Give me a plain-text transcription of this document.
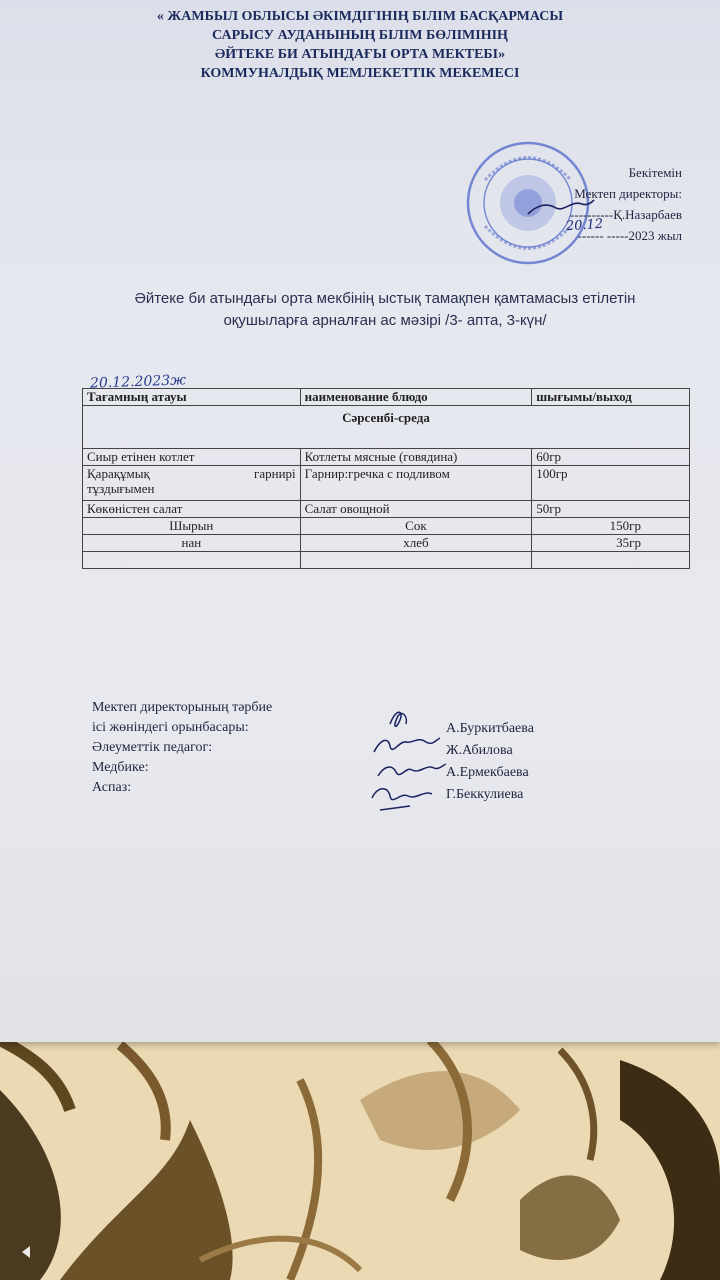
« ЖАМБЫЛ ОБЛЫСЫ ӘКІМДІГІНІҢ БІЛІМ БАСҚАРМАСЫ
САРЫСУ АУДАНЫНЫҢ БІЛІМ БӨЛІМІНІҢ
ӘЙТЕКЕ БИ АТЫНДАҒЫ ОРТА МЕКТЕБІ»
КОММУНАЛДЫҚ МЕМЛЕКЕТТІК МЕКЕМЕСІ
Бекітемін
Мектеп директоры:
----------Қ.Назарбаев
------ -----2023 жыл
20.12
Әйтеке би атындағы орта мекбінің ыстық тамақпен қамтамасыз етілетін
оқушыларға арналған ас мәзірі /3- апта, 3-күн/
20.12.2023ж
Тағамның атауы	наименование блюдо	шығымы/выход
Сәрсенбі-среда		
Сиыр етінен котлет	Котлеты мясные (говядина)	60гр

Қарақұмық гарнирі
тұздығымен	Гарнир:гречка с подливом	100гр
Көкөністен салат	Салат овощной	50гр
Шырын	Сок	150гр
нан	хлеб	35гр

Мектеп директорының тәрбие
ісі жөніндегі орынбасары:
Әлеуметтік педагог:
Медбике:
Аспаз:
А.Буркитбаева
Ж.Абилова
А.Ермекбаева
Г.Беккулиева
